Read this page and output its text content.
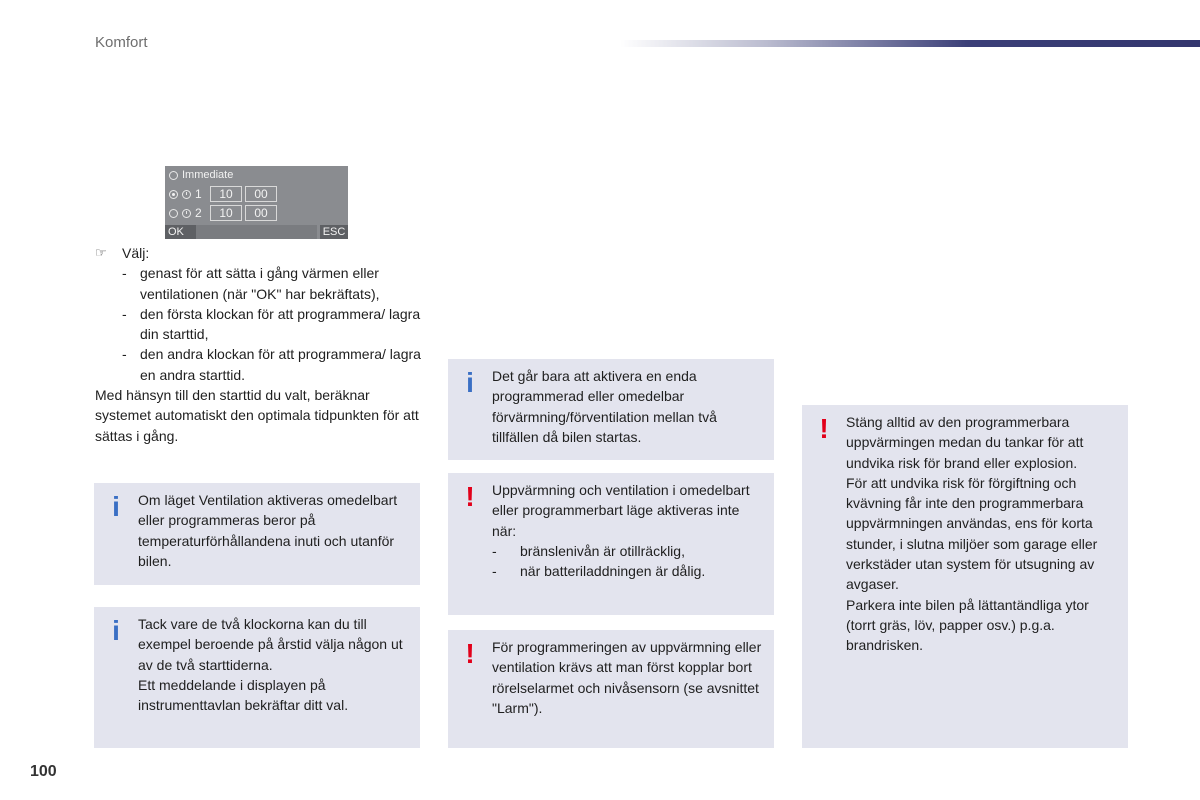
Komfort
Immediate
1	10	00
2	10	00
OK	ESC
☞	Välj:
- genast för att sätta i gång värmen eller ventilationen (när "OK" har bekräftats),
- den första klockan för att programmera/ lagra din starttid,
- den andra klockan för att programmera/ lagra en andra starttid.
Med hänsyn till den starttid du valt, beräknar systemet automatiskt den optimala tidpunkten för att sättas i gång.
i Om läget Ventilation aktiveras omedelbart eller programmeras beror på temperaturförhållandena inuti och utanför bilen.
i Tack vare de två klockorna kan du till exempel beroende på årstid välja någon ut av de två starttiderna.
Ett meddelande i displayen på instrumenttavlan bekräftar ditt val.
i Det går bara att aktivera en enda programmerad eller omedelbar förvärmning/förventilation mellan två tillfällen då bilen startas.
! Uppvärmning och ventilation i omedelbart eller programmerbart läge aktiveras inte när:
-	bränslenivån är otillräcklig,
-	när batteriladdningen är dålig.
! För programmeringen av uppvärmning eller ventilation krävs att man först kopplar bort rörelselarmet och nivåsensorn (se avsnittet "Larm").
! Stäng alltid av den programmerbara uppvärmingen medan du tankar för att undvika risk för brand eller explosion.
För att undvika risk för förgiftning och kvävning får inte den programmerbara uppvärmningen användas, ens för korta stunder, i slutna miljöer som garage eller verkstäder utan system för utsugning av avgaser.
Parkera inte bilen på lättantändliga ytor (torrt gräs, löv, papper osv.) p.g.a. brandrisken.
100
